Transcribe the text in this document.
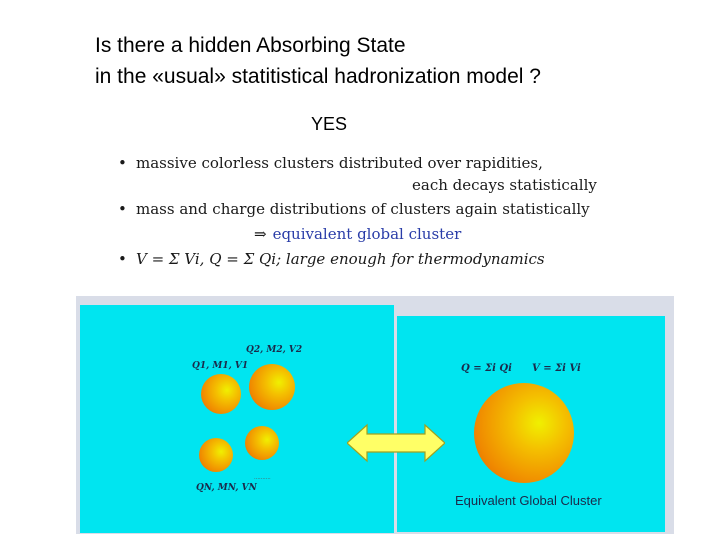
Is there a hidden Absorbing State
in the «usual» statitistical hadronization model ?
YES
• massive colorless clusters distributed over rapidities,
each decays statistically
• mass and charge distributions of clusters again statistically
⇒ equivalent global cluster
• V = Σ Vi, Q = Σ Qi; large enough for thermodynamics
Q1, M1, V1
Q2, M2, V2
..........
QN, MN, VN
Q = Σi Qi V = Σi Vi
Equivalent Global Cluster
